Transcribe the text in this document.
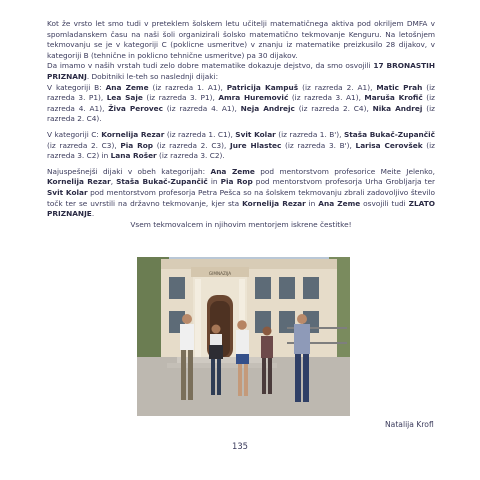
Kot že vrsto let smo tudi v preteklem šolskem letu učitelji matematičnega aktiva pod okriljem DMFA v spomladanskem času na naši šoli organizirali šolsko matematično tekmovanje Kenguru. Na letošnjem tekmovanju se je v kategoriji C (poklicne usmeritve) v znanju iz matematike preizkusilo 28 dijakov, v kategoriji B (tehnične in poklicno tehnične usmeritve) pa 30 dijakov.

Da imamo v naših vrstah tudi zelo dobre matematike dokazuje dejstvo, da smo osvojili 17 BRONASTIH PRIZNANJ. Dobitniki le-teh so naslednji dijaki:

V kategoriji B: Ana Zeme (iz razreda 1. A1), Patricija Kampuš (iz razreda 2. A1), Matic Prah (iz razreda 3. P1), Lea Saje (iz razreda 3. P1), Amra Huremović (iz razreda 3. A1), Maruša Krofič (iz razreda 4. A1), Živa Perovec (iz razreda 4. A1), Neja Andrejc (iz razreda 2. C4), Nika Andrej (iz razreda 2. C4).

V kategoriji C: Kornelija Rezar (iz razreda 1. C1), Svit Kolar (iz razreda 1. B'), Staša Bukač-Zupančič (iz razreda 2. C3), Pia Rop (iz razreda 2. C3), Jure Hlastec (iz razreda 3. B'), Larisa Cerovšek (iz razreda 3. C2) in Lana Rošer (iz razreda 3. C2).

Najuspešnejši dijaki v obeh kategorijah: Ana Zeme pod mentorstvom profesorice Meite Jelenko, Kornelija Rezar, Staša Bukač-Zupančič in Pia Rop pod mentorstvom profesorja Urha Grobljarja ter Svit Kolar pod mentorstvom profesorja Petra Pešca so na šolskem tekmovanju zbrali zadovoljivo število točk ter se uvrstili na državno tekmovanje, kjer sta Kornelija Rezar in Ana Zeme osvojili tudi ZLATO PRIZNANJE.

Vsem tekmovalcem in njihovim mentorjem iskrene čestitke!

GIMNAZIJA
Natalija Krofl
135
